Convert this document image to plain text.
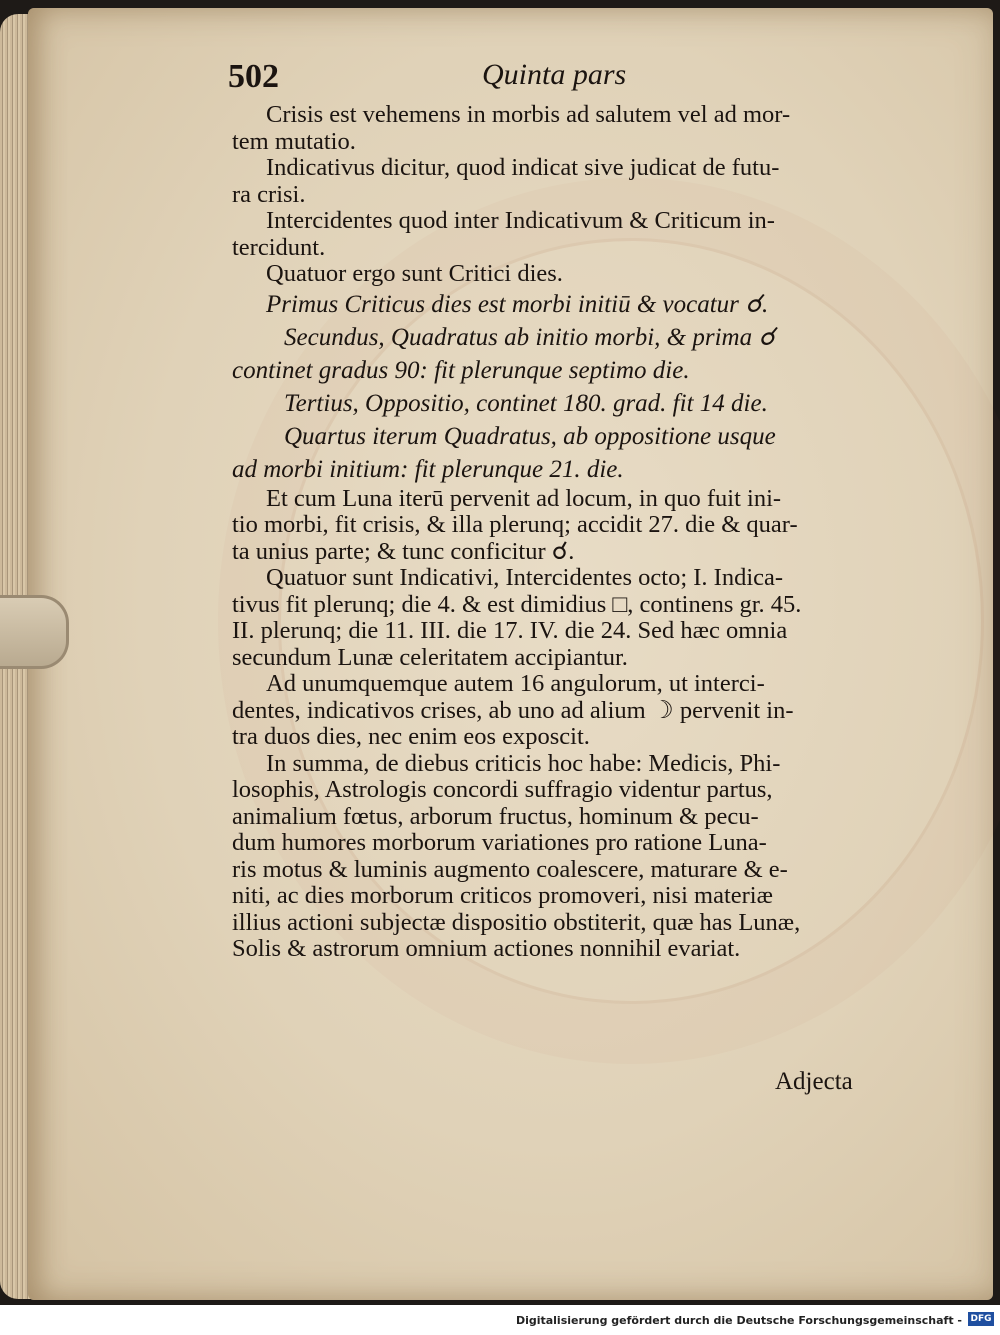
502	Quinta pars
Crisis est vehemens in morbis ad salutem vel ad mor-
tem mutatio.
Indicativus dicitur, quod indicat sive judicat de futu-
ra crisi.
Intercidentes quod inter Indicativum & Criticum in-
tercidunt.
Quatuor ergo sunt Critici dies.
Primus Criticus dies est morbi initiū & vocatur ☌.
Secundus, Quadratus ab initio morbi, & prima ☌
continet gradus 90: fit plerunque septimo die.
Tertius, Oppositio, continet 180. grad. fit 14 die.
Quartus iterum Quadratus, ab oppositione usque
ad morbi initium: fit plerunque 21. die.
Et cum Luna iterū pervenit ad locum, in quo fuit ini-
tio morbi, fit crisis, & illa plerunq; accidit 27. die & quar-
ta unius parte; & tunc conficitur ☌.
Quatuor sunt Indicativi, Intercidentes octo; I. Indica-
tivus fit plerunq; die 4. & est dimidius □, continens gr. 45.
II. plerunq; die 11. III. die 17. IV. die 24. Sed hæc omnia
secundum Lunæ celeritatem accipiantur.
Ad unumquemque autem 16 angulorum, ut interci-
dentes, indicativos crises, ab uno ad alium ☽ pervenit in-
tra duos dies, nec enim eos exposcit.
In summa, de diebus criticis hoc habe: Medicis, Phi-
losophis, Astrologis concordi suffragio videntur partus,
animalium fœtus, arborum fructus, hominum & pecu-
dum humores morborum variationes pro ratione Luna-
ris motus & luminis augmento coalescere, maturare & e-
niti, ac dies morborum criticos promoveri, nisi materiæ
illius actioni subjectæ dispositio obstiterit, quæ has Lunæ,
Solis & astrorum omnium actiones nonnihil evariat.
Adjecta
Digitalisierung gefördert durch die Deutsche Forschungsgemeinschaft - DFG
